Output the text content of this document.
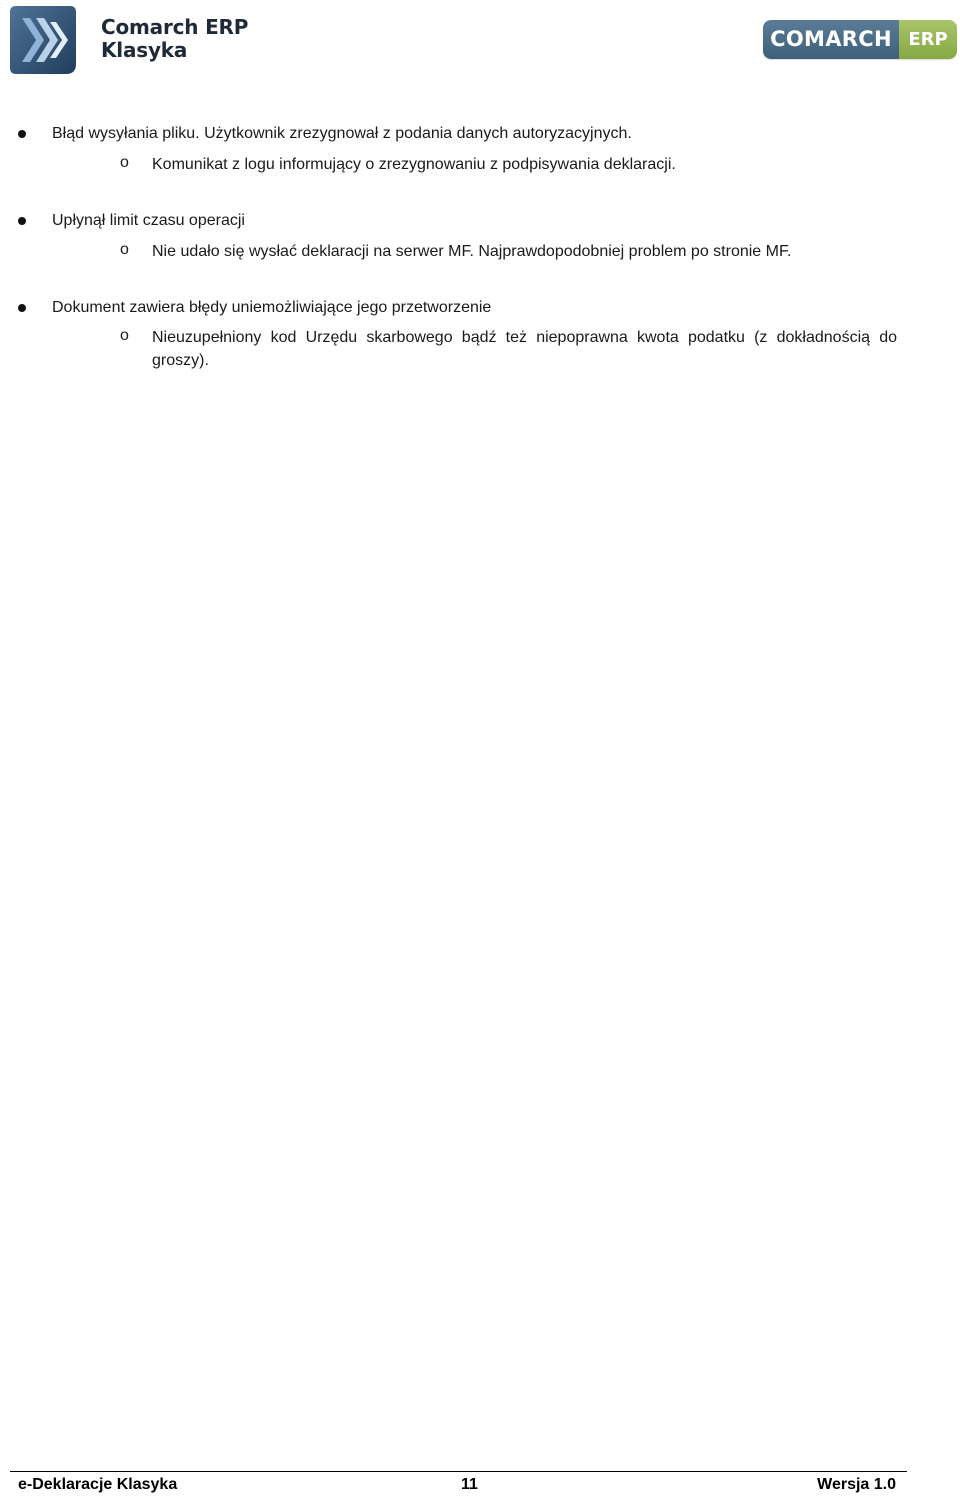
Comarch ERP
Klasyka	COMARCH ERP
Błąd wysyłania pliku. Użytkownik zrezygnował z podania danych autoryzacyjnych.
o Komunikat z logu informujący o zrezygnowaniu z podpisywania deklaracji.
Upłynął limit czasu operacji
o Nie udało się wysłać deklaracji na serwer MF. Najprawdopodobniej problem po stronie MF.
Dokument zawiera błędy uniemożliwiające jego przetworzenie
o Nieuzupełniony kod Urzędu skarbowego bądź też niepoprawna kwota podatku (z dokładnością do groszy).
e-Deklaracje Klasyka	11	Wersja 1.0
